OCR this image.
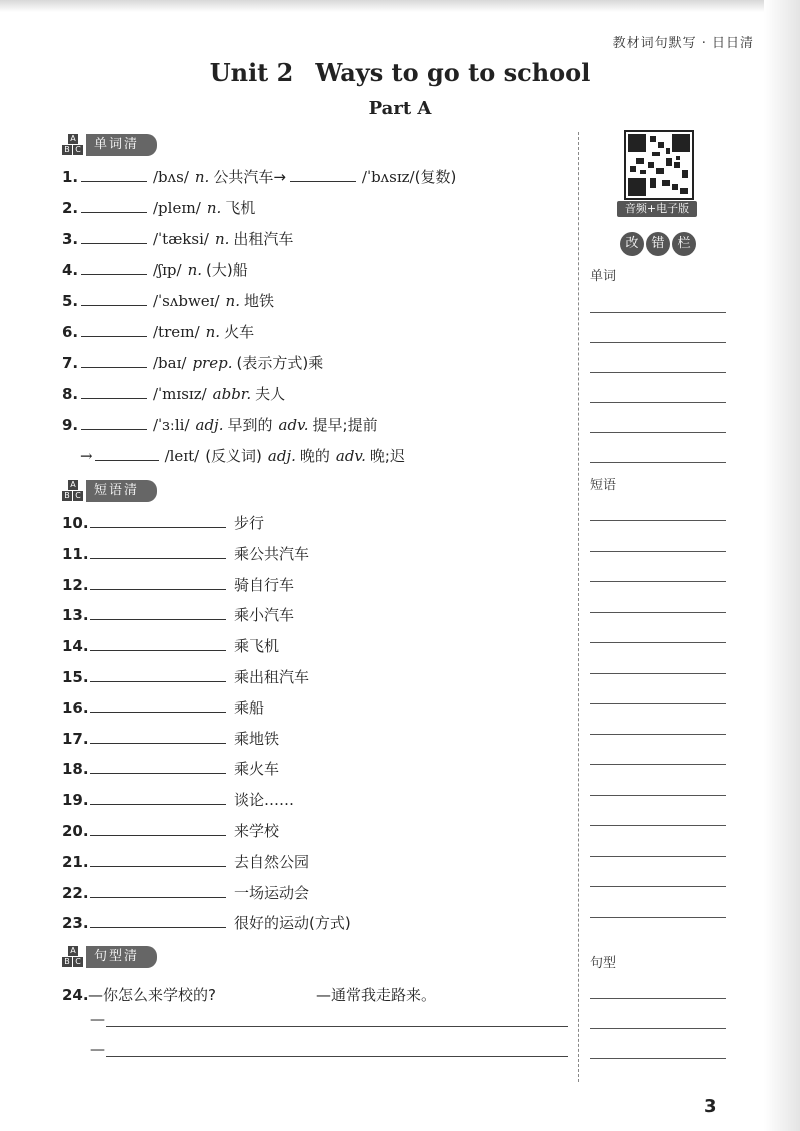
教材词句默写 · 日日清
Unit 2 Ways to go to school
Part A
A
B C	单词清
1.	/bʌs/ n. 公共汽车→	/ˈbʌsɪz/ (复数)
2.	/pleɪn/ n. 飞机
3.	/ˈtæksi/ n. 出租汽车
4.	/ʃɪp/ n. (大)船
5.	/ˈsʌbweɪ/ n. 地铁
6.	/treɪn/ n. 火车
7.	/baɪ/ prep. (表示方式)乘
8.	/ˈmɪsɪz/ abbr. 夫人
9.	/ˈɜːli/ adj. 早到的 adv. 提早;提前
→	/leɪt/ (反义词) adj. 晚的 adv. 晚;迟
A
B C	短语清
10.	步行
11.	乘公共汽车
12.	骑自行车
13.	乘小汽车
14.	乘飞机
15.	乘出租汽车
16.	乘船
17.	乘地铁
18.	乘火车
19.	谈论……
20.	来学校
21.	去自然公园
22.	一场运动会
23.	很好的运动(方式)
A
B C	句型清
24. —你怎么来学校的?	—通常我走路来。
—
—
音频+电子版
改 错 栏
单词
短语
句型
3
